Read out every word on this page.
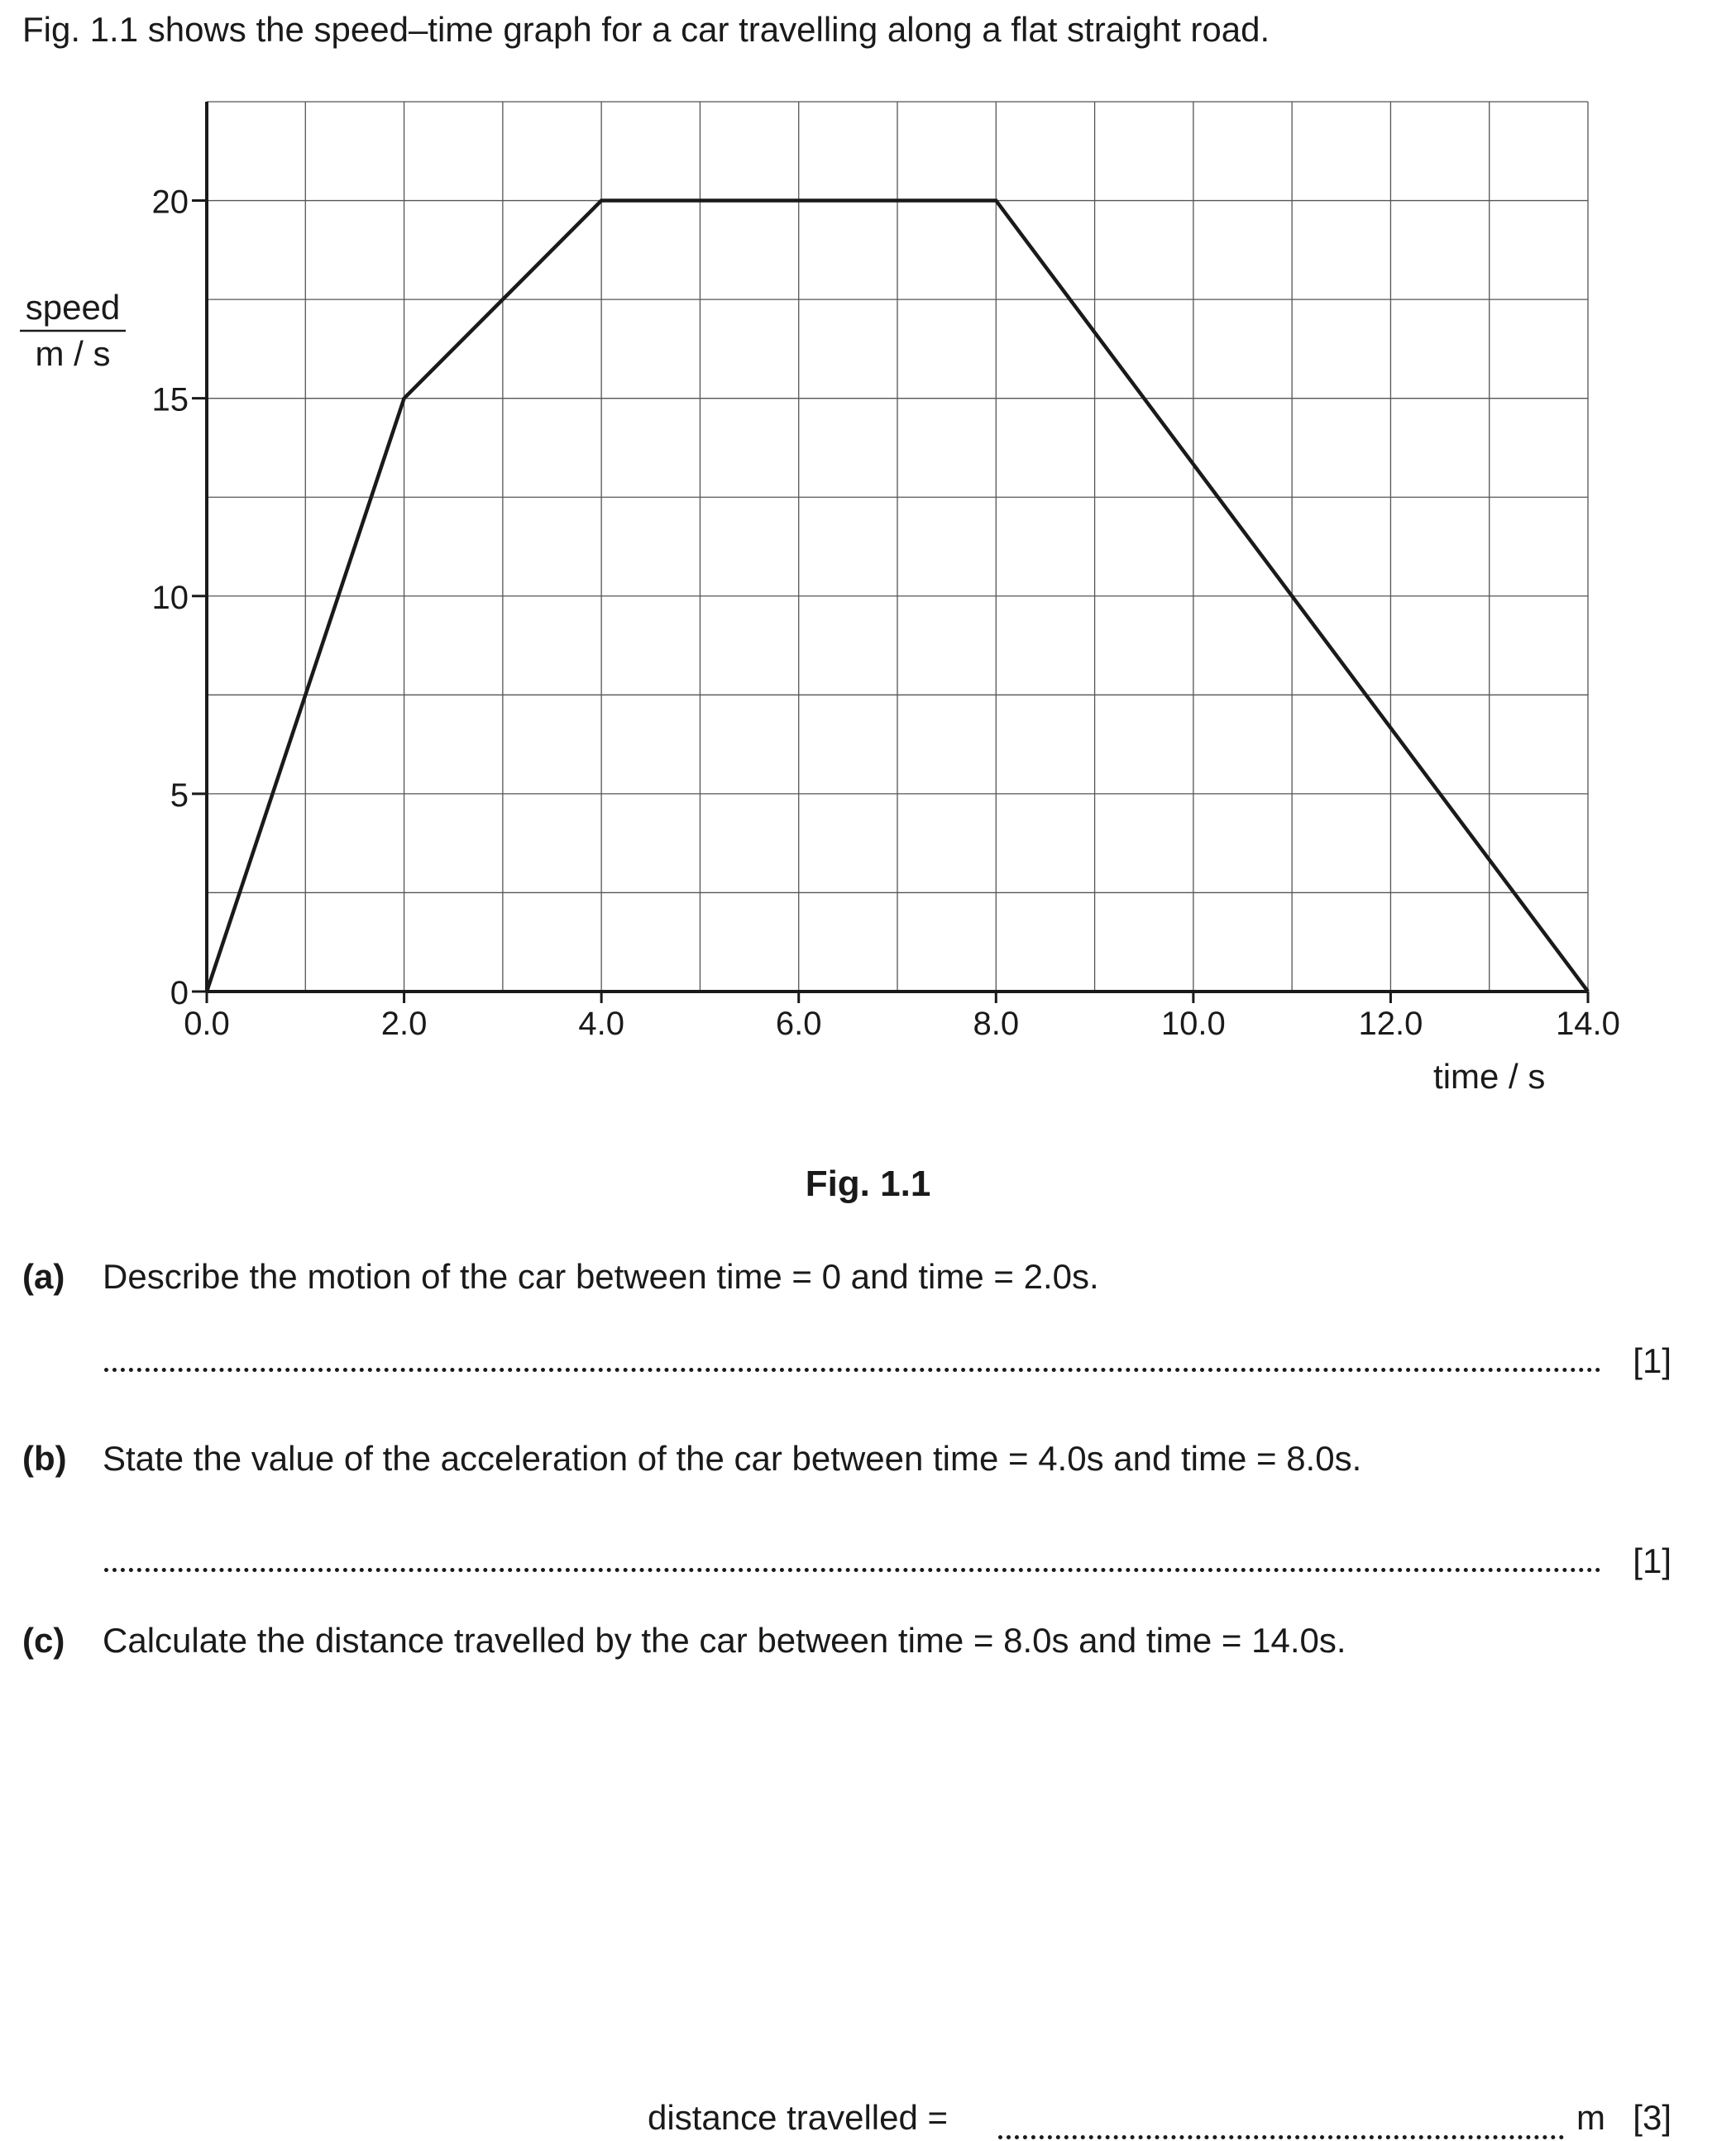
Fig. 1.1 shows the speed–time graph for a car travelling along a flat straight road.
0
5
10
15
20
0.0	2.0	4.0	6.0	8.0	10.0	12.0	14.0
speed
m / s
time / s
Fig. 1.1
(a) Describe the motion of the car between time = 0 and time = 2.0s.
[1]
(b) State the value of the acceleration of the car between time = 4.0s and time = 8.0s.
[1]
(c) Calculate the distance travelled by the car between time = 8.0s and time = 14.0s.
distance travelled =	m [3]
